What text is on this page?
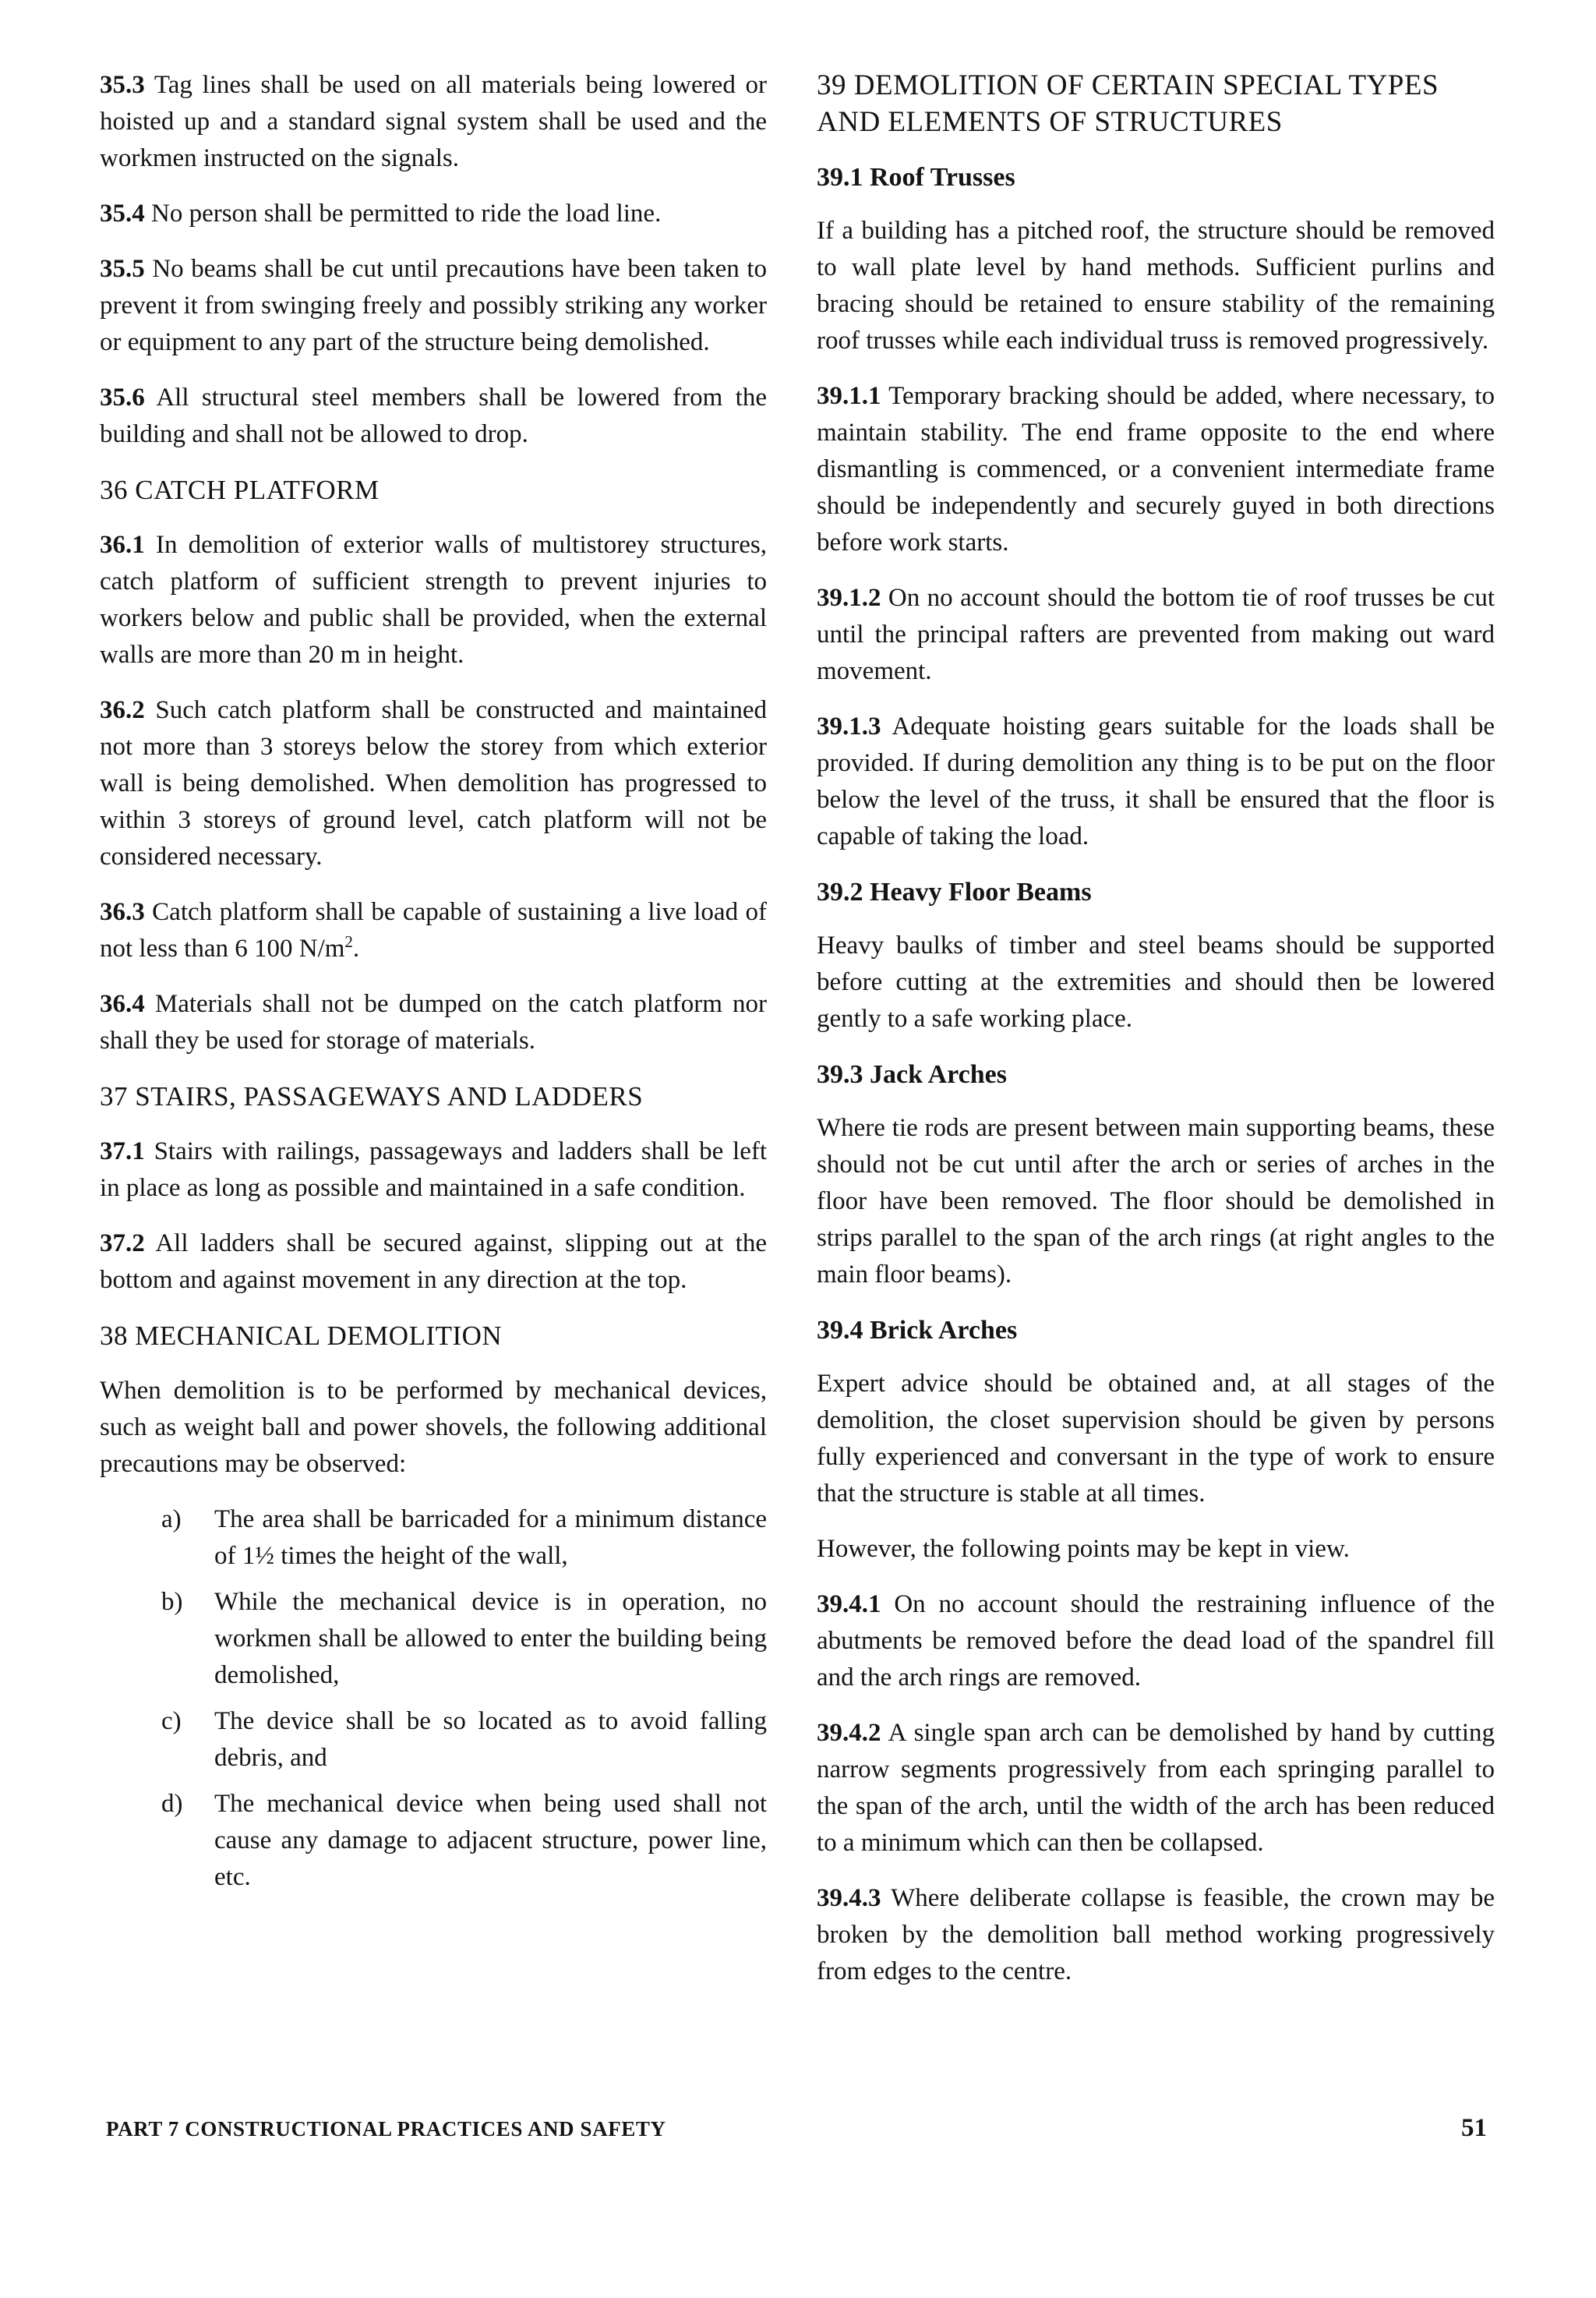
35.3 Tag lines shall be used on all materials being lowered or hoisted up and a standard signal system shall be used and the workmen instructed on the signals.

35.4 No person shall be permitted to ride the load line.

35.5 No beams shall be cut until precautions have been taken to prevent it from swinging freely and possibly striking any worker or equipment to any part of the structure being demolished.

35.6 All structural steel members shall be lowered from the building and shall not be allowed to drop.

36 CATCH PLATFORM

36.1 In demolition of exterior walls of multistorey structures, catch platform of sufficient strength to prevent injuries to workers below and public shall be provided, when the external walls are more than 20 m in height.

36.2 Such catch platform shall be constructed and maintained not more than 3 storeys below the storey from which exterior wall is being demolished. When demolition has progressed to within 3 storeys of ground level, catch platform will not be considered necessary.

36.3 Catch platform shall be capable of sustaining a live load of not less than 6 100 $N/m^2$.

36.4 Materials shall not be dumped on the catch platform nor shall they be used for storage of materials.

37 STAIRS, PASSAGEWAYS AND LADDERS

37.1 Stairs with railings, passageways and ladders shall be left in place as long as possible and maintained in a safe condition.

37.2 All ladders shall be secured against, slipping out at the bottom and against movement in any direction at the top.

38 MECHANICAL DEMOLITION

When demolition is to be performed by mechanical devices, such as weight ball and power shovels, the following additional precautions may be observed:

a)	The area shall be barricaded for a minimum distance of 1½ times the height of the wall,
b)	While the mechanical device is in operation, no workmen shall be allowed to enter the building being demolished,
c)	The device shall be so located as to avoid falling debris, and
d)	The mechanical device when being used shall not cause any damage to adjacent structure, power line, etc.
39 DEMOLITION OF CERTAIN SPECIAL TYPES AND ELEMENTS OF STRUCTURES
39.1 Roof Trusses

If a building has a pitched roof, the structure should be removed to wall plate level by hand methods. Sufficient purlins and bracing should be retained to ensure stability of the remaining roof trusses while each individual truss is removed progressively.

39.1.1 Temporary bracking should be added, where necessary, to maintain stability. The end frame opposite to the end where dismantling is commenced, or a convenient intermediate frame should be independently and securely guyed in both directions before work starts.

39.1.2 On no account should the bottom tie of roof trusses be cut until the principal rafters are prevented from making out ward movement.

39.1.3 Adequate hoisting gears suitable for the loads shall be provided. If during demolition any thing is to be put on the floor below the level of the truss, it shall be ensured that the floor is capable of taking the load.

39.2 Heavy Floor Beams

Heavy baulks of timber and steel beams should be supported before cutting at the extremities and should then be lowered gently to a safe working place.

39.3 Jack Arches

Where tie rods are present between main supporting beams, these should not be cut until after the arch or series of arches in the floor have been removed. The floor should be demolished in strips parallel to the span of the arch rings (at right angles to the main floor beams).

39.4 Brick Arches

Expert advice should be obtained and, at all stages of the demolition, the closet supervision should be given by persons fully experienced and conversant in the type of work to ensure that the structure is stable at all times.

However, the following points may be kept in view.

39.4.1 On no account should the restraining influence of the abutments be removed before the dead load of the spandrel fill and the arch rings are removed.

39.4.2 A single span arch can be demolished by hand by cutting narrow segments progressively from each springing parallel to the span of the arch, until the width of the arch has been reduced to a minimum which can then be collapsed.

39.4.3 Where deliberate collapse is feasible, the crown may be broken by the demolition ball method working progressively from edges to the centre.

PART 7 CONSTRUCTIONAL PRACTICES AND SAFETY	51
